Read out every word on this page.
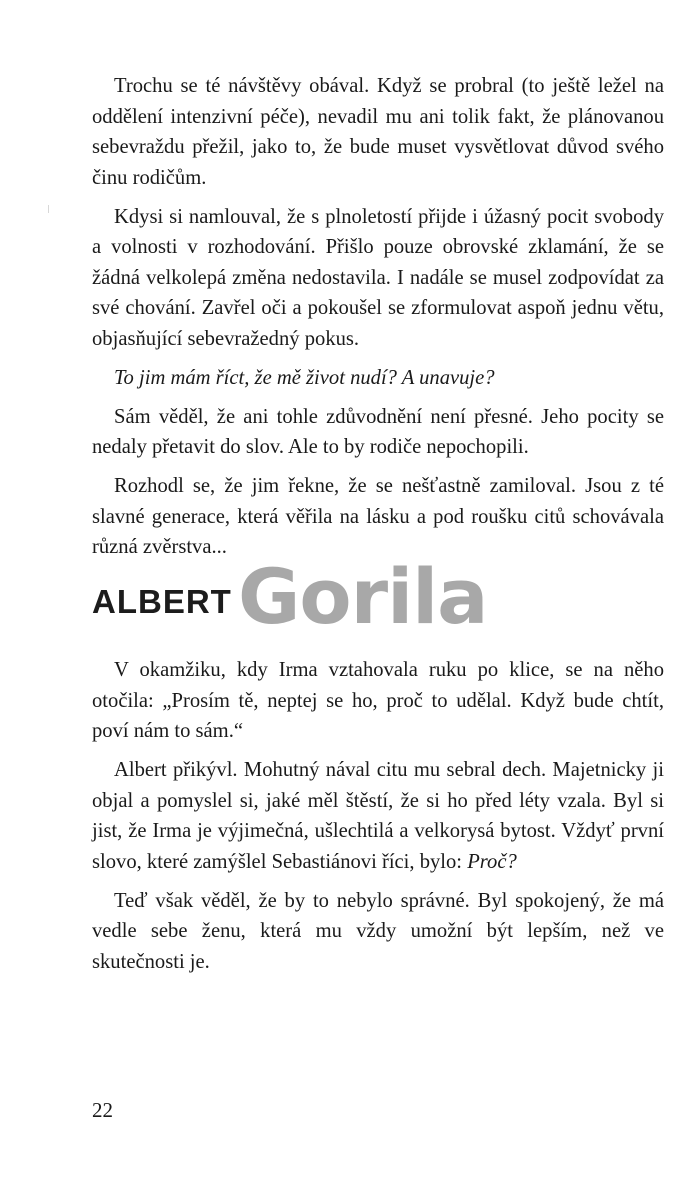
Trochu se té návštěvy obával. Když se probral (to ještě ležel na oddělení intenzivní péče), nevadil mu ani tolik fakt, že plánovanou sebevraždu přežil, jako to, že bude muset vysvětlovat důvod svého činu rodičům.

Kdysi si namlouval, že s plnoletostí přijde i úžasný pocit svobody a volnosti v rozhodování. Přišlo pouze obrovské zklamání, že se žádná velkolepá změna nedostavila. I nadále se musel zodpovídat za své chování. Zavřel oči a pokoušel se zformulovat aspoň jednu větu, objasňující sebevražedný pokus.

To jim mám říct, že mě život nudí? A unavuje?

Sám věděl, že ani tohle zdůvodnění není přesné. Jeho pocity se nedaly přetavit do slov. Ale to by rodiče nepochopili.

Rozhodl se, že jim řekne, že se nešťastně zamiloval. Jsou z té slavné generace, která věřila na lásku a pod roušku citů schovávala různá zvěrstva...

Gorila
ALBERT

V okamžiku, kdy Irma vztahovala ruku po klice, se na něho otočila: „Prosím tě, neptej se ho, proč to udělal. Když bude chtít, poví nám to sám.“

Albert přikývl. Mohutný nával citu mu sebral dech. Majetnicky ji objal a pomyslel si, jaké měl štěstí, že si ho před léty vzala. Byl si jist, že Irma je výjimečná, ušlechtilá a velkorysá bytost. Vždyť první slovo, které zamýšlel Sebastiánovi říci, bylo: Proč?

Teď však věděl, že by to nebylo správné. Byl spokojený, že má vedle sebe ženu, která mu vždy umožní být lepším, než ve skutečnosti je.

22
